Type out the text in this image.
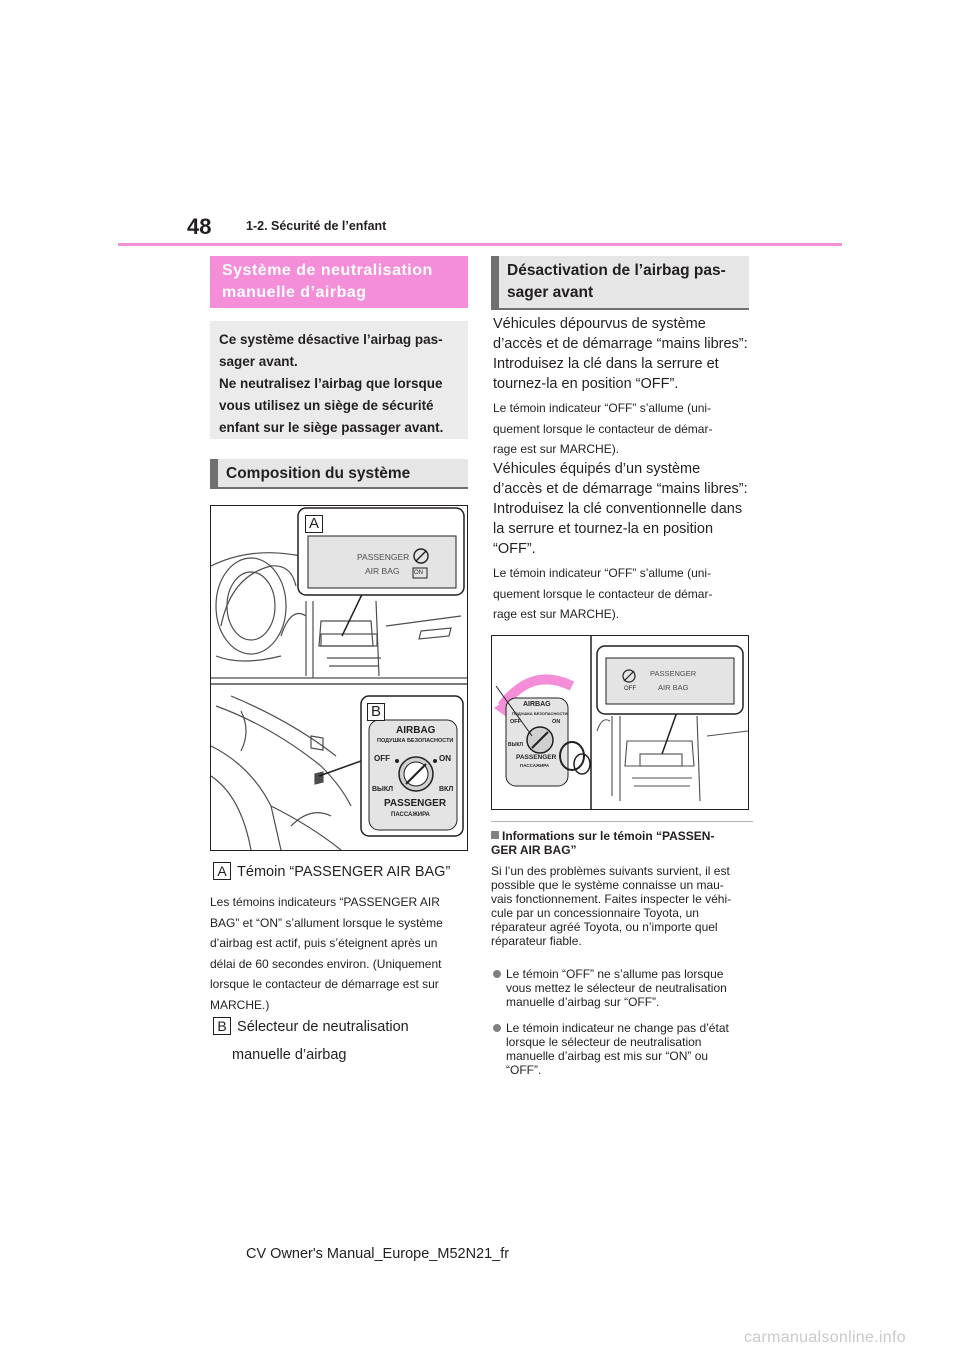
48	1-2. Sécurité de l’enfant
Système de neutralisation manuelle d’airbag
Ce système désactive l’airbag pas-
sager avant.
Ne neutralisez l’airbag que lorsque
vous utilisez un siège de sécurité
enfant sur le siège passager avant.
Composition du système
A
B
PASSENGER
AIR BAG ON
AIRBAG
ПОДУШКА БЕЗОПАСНОСТИ
OFF	ON
ВЫКЛ	ВКЛ
PASSENGER
ПАССАЖИРА
A Témoin “PASSENGER AIR BAG”
Les témoins indicateurs “PASSENGER AIR
BAG” et “ON” s’allument lorsque le système
d’airbag est actif, puis s’éteignent après un
délai de 60 secondes environ. (Uniquement
lorsque le contacteur de démarrage est sur
MARCHE.)
B Sélecteur de neutralisation
manuelle d’airbag
Désactivation de l’airbag pas-
sager avant
Véhicules dépourvus de système
d’accès et de démarrage “mains libres”:
Introduisez la clé dans la serrure et
tournez-la en position “OFF”.
Le témoin indicateur “OFF” s’allume (uni-
quement lorsque le contacteur de démar-
rage est sur MARCHE).
Véhicules équipés d’un système
d’accès et de démarrage “mains libres”:
Introduisez la clé conventionnelle dans
la serrure et tournez-la en position
“OFF”.
Le témoin indicateur “OFF” s’allume (uni-
quement lorsque le contacteur de démar-
rage est sur MARCHE).
PASSENGER
AIR BAG
OFF
AIRBAG
ПОДУШКА БЕЗОПАСНОСТИ
OFF	ON
ВЫКЛ
PASSENGER
ПАССАЖИРА
Informations sur le témoin “PASSEN-
GER AIR BAG”
Si l’un des problèmes suivants survient, il est
possible que le système connaisse un mau-
vais fonctionnement. Faites inspecter le véhi-
cule par un concessionnaire Toyota, un
réparateur agréé Toyota, ou n’importe quel
réparateur fiable.
Le témoin “OFF” ne s’allume pas lorsque
vous mettez le sélecteur de neutralisation
manuelle d’airbag sur “OFF”.
Le témoin indicateur ne change pas d’état
lorsque le sélecteur de neutralisation
manuelle d’airbag est mis sur “ON” ou
“OFF”.
CV Owner's Manual_Europe_M52N21_fr
carmanualsonline.info
